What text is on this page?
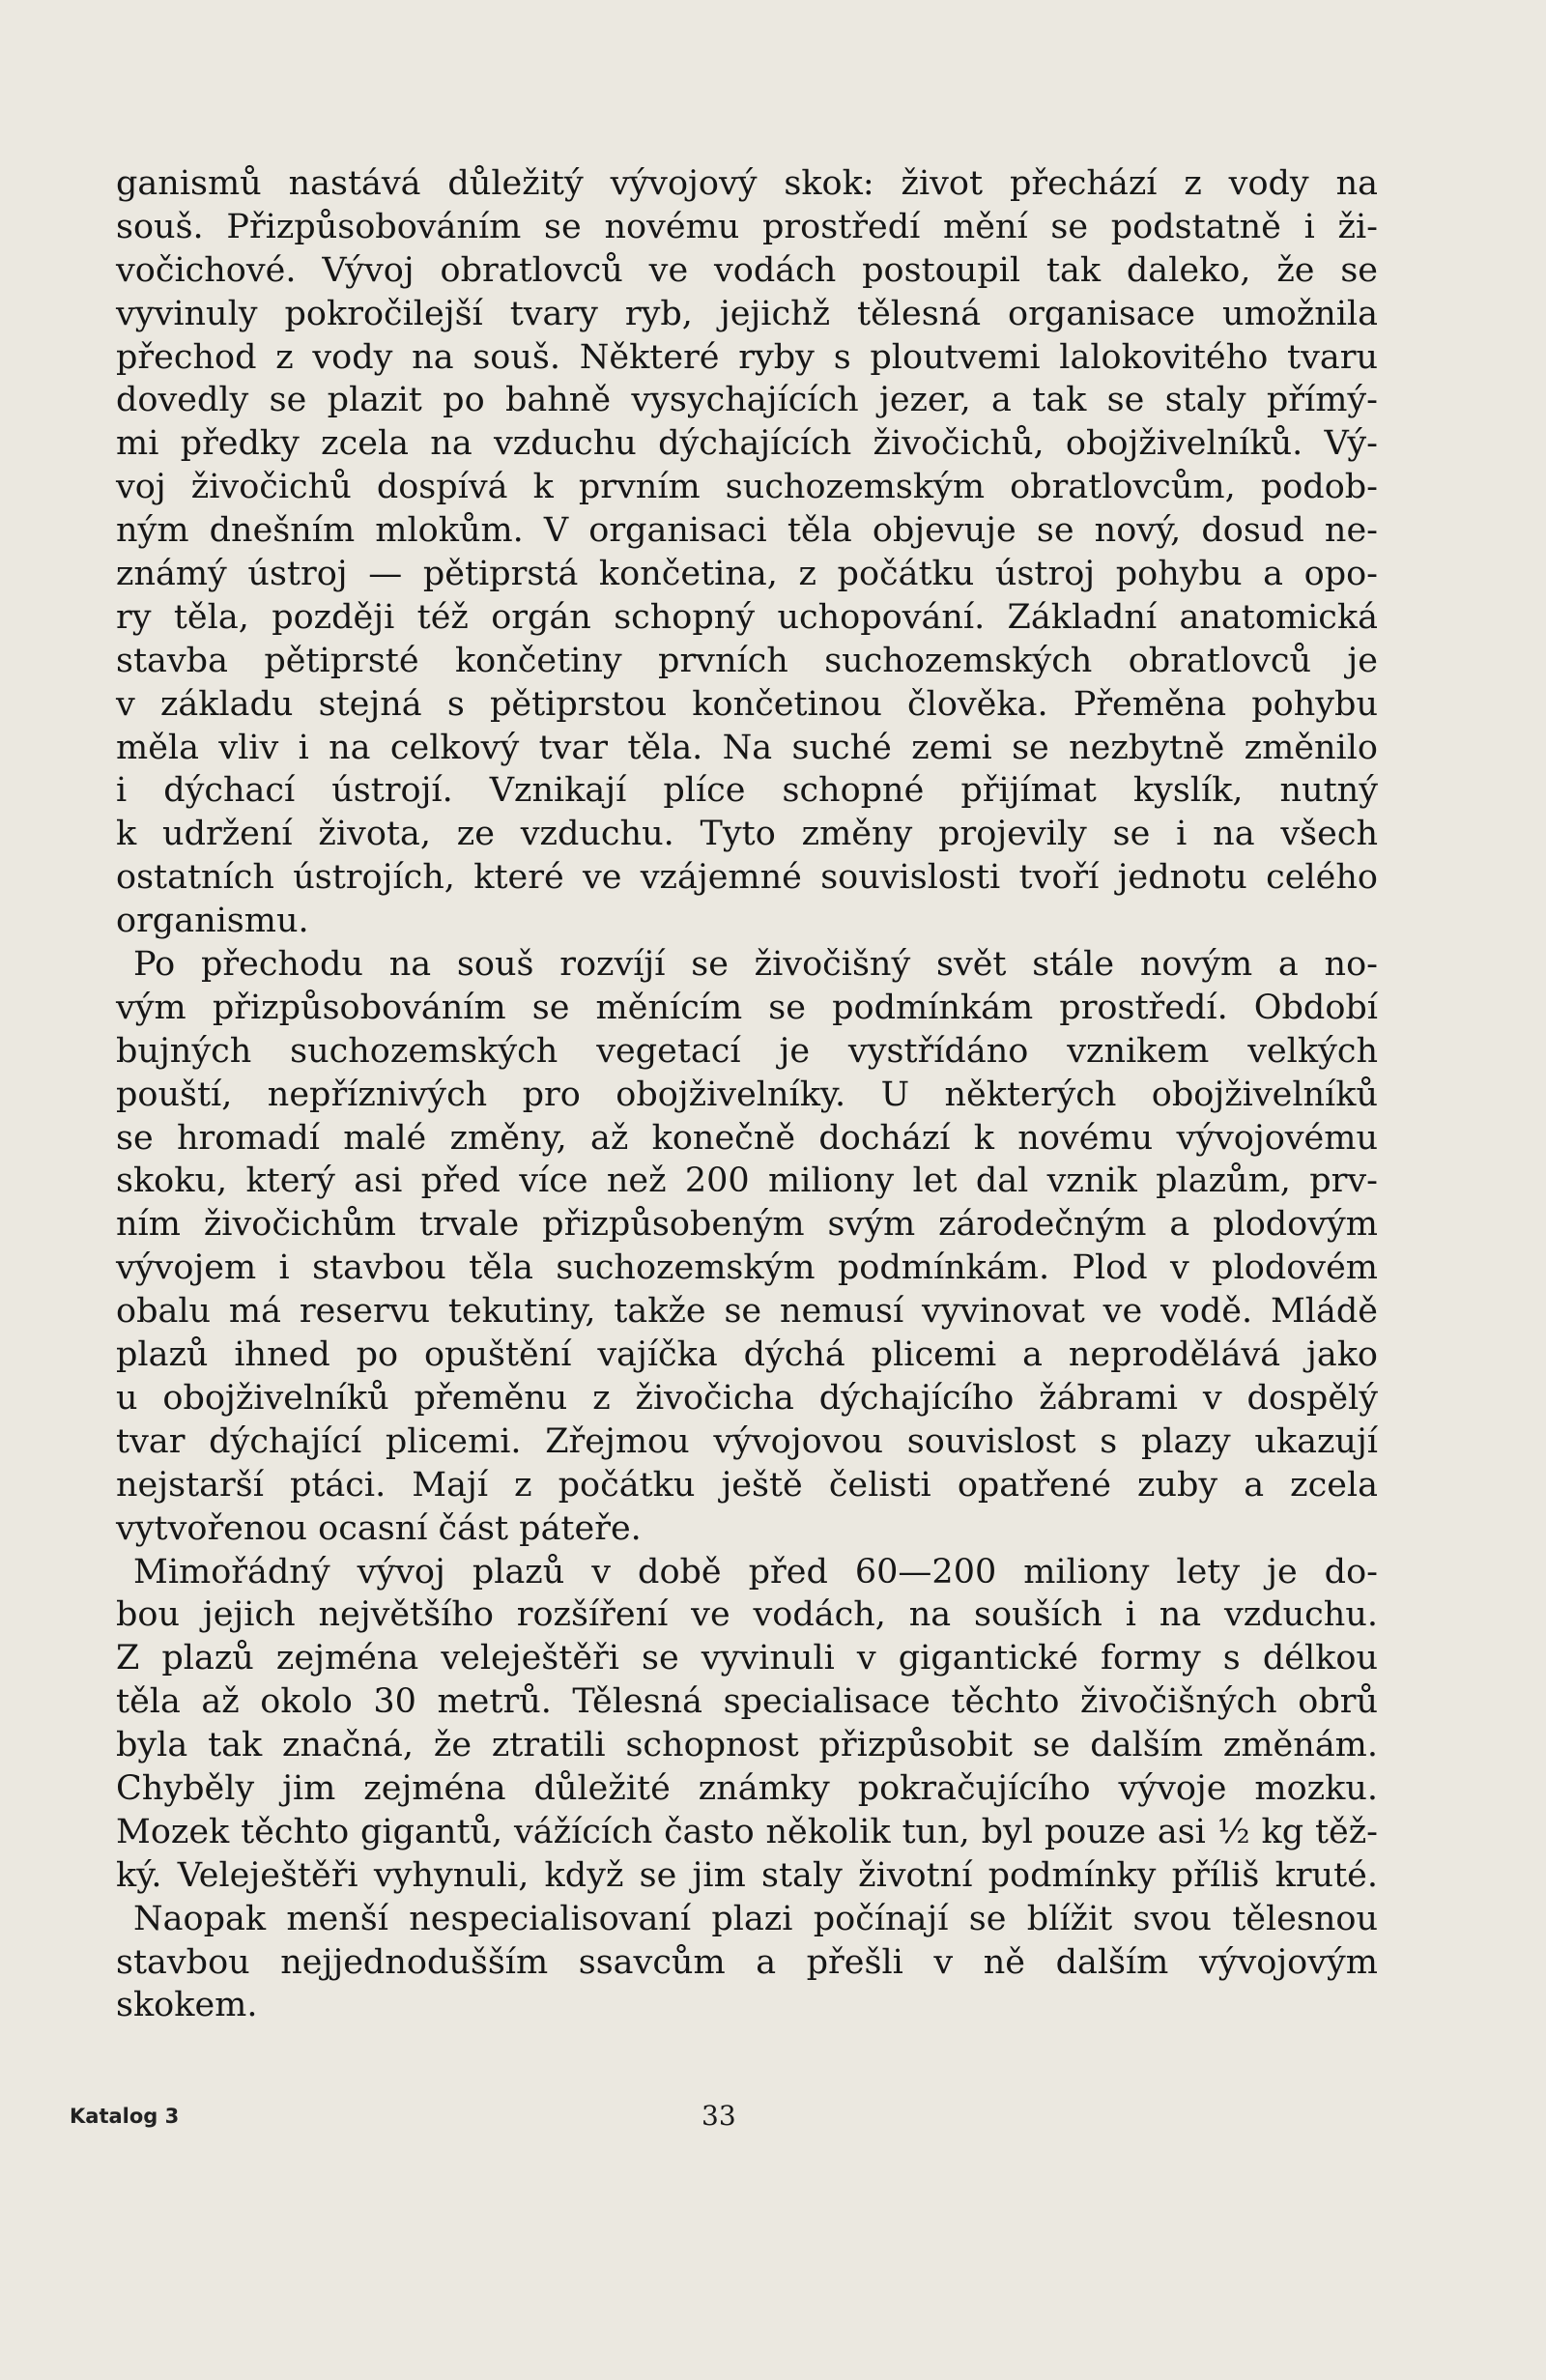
ganismů nastává důležitý vývojový skok: život přechází z vody na
souš. Přizpůsobováním se novému prostředí mění se podstatně i ži-
vočichové. Vývoj obratlovců ve vodách postoupil tak daleko, že se
vyvinuly pokročilejší tvary ryb, jejichž tělesná organisace umožnila
přechod z vody na souš. Některé ryby s ploutvemi lalokovitého tvaru
dovedly se plazit po bahně vysychajících jezer, a tak se staly přímý-
mi předky zcela na vzduchu dýchajících živočichů, obojživelníků. Vý-
voj živočichů dospívá k prvním suchozemským obratlovcům, podob-
ným dnešním mlokům. V organisaci těla objevuje se nový, dosud ne-
známý ústroj — pětiprstá končetina, z počátku ústroj pohybu a opo-
ry těla, později též orgán schopný uchopování. Základní anatomická
stavba pětiprsté končetiny prvních suchozemských obratlovců je
v základu stejná s pětiprstou končetinou člověka. Přeměna pohybu
měla vliv i na celkový tvar těla. Na suché zemi se nezbytně změnilo
i dýchací ústrojí. Vznikají plíce schopné přijímat kyslík, nutný
k udržení života, ze vzduchu. Tyto změny projevily se i na všech
ostatních ústrojích, které ve vzájemné souvislosti tvoří jednotu celého
organismu.
Po přechodu na souš rozvíjí se živočišný svět stále novým a no-
vým přizpůsobováním se měnícím se podmínkám prostředí. Období
bujných suchozemských vegetací je vystřídáno vznikem velkých
pouští, nepříznivých pro obojživelníky. U některých obojživelníků
se hromadí malé změny, až konečně dochází k novému vývojovému
skoku, který asi před více než 200 miliony let dal vznik plazům, prv-
ním živočichům trvale přizpůsobeným svým zárodečným a plodovým
vývojem i stavbou těla suchozemským podmínkám. Plod v plodovém
obalu má reservu tekutiny, takže se nemusí vyvinovat ve vodě. Mládě
plazů ihned po opuštění vajíčka dýchá plicemi a neprodělává jako
u obojživelníků přeměnu z živočicha dýchajícího žábrami v dospělý
tvar dýchající plicemi. Zřejmou vývojovou souvislost s plazy ukazují
nejstarší ptáci. Mají z počátku ještě čelisti opatřené zuby a zcela
vytvořenou ocasní část páteře.
Mimořádný vývoj plazů v době před 60—200 miliony lety je do-
bou jejich největšího rozšíření ve vodách, na souších i na vzduchu.
Z plazů zejména veleještěři se vyvinuli v gigantické formy s délkou
těla až okolo 30 metrů. Tělesná specialisace těchto živočišných obrů
byla tak značná, že ztratili schopnost přizpůsobit se dalším změnám.
Chyběly jim zejména důležité známky pokračujícího vývoje mozku.
Mozek těchto gigantů, vážících často několik tun, byl pouze asi ½ kg těž-
ký. Veleještěři vyhynuli, když se jim staly životní podmínky příliš kruté.
Naopak menší nespecialisovaní plazi počínají se blížit svou tělesnou
stavbou nejjednodušším ssavcům a přešli v ně dalším vývojovým
skokem.
Katalog 3	33
